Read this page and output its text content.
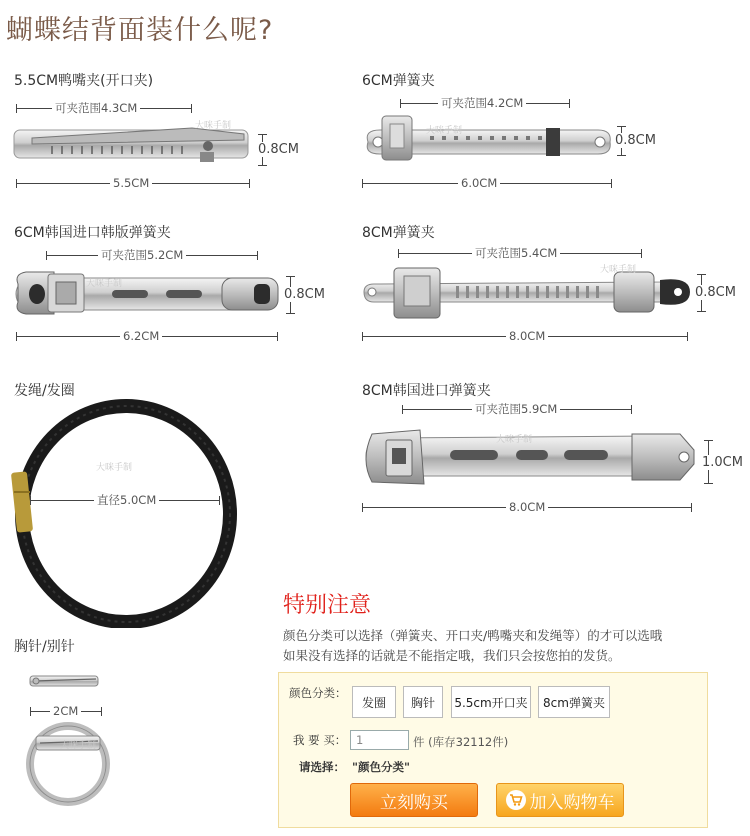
蝴蝶结背面装什么呢?
5.5CM鸭嘴夹(开口夹)
可夹范围4.3CM
大咪手制
0.8CM
5.5CM
6CM弹簧夹
可夹范围4.2CM
大咪手制
0.8CM
6.0CM
6CM韩国进口韩版弹簧夹
可夹范围5.2CM
大咪手制
0.8CM
6.2CM
8CM弹簧夹
可夹范围5.4CM
0.8CM
8.0CM
大咪手制
发绳/发圈
直径5.0CM
大咪手制
8CM韩国进口弹簧夹
可夹范围5.9CM
大咪手制
1.0CM
8.0CM
胸针/别针
2CM
大咪手制
特别注意
颜色分类可以选择（弹簧夹、开口夹/鸭嘴夹和发绳等）的才可以选哦
如果没有选择的话就是不能指定哦，我们只会按您拍的发货。
颜色分类：
发圈	胸针	5.5cm开口夹	8cm弹簧夹
我 要 买： 1	件 (库存32112件)
请选择： "颜色分类"
立刻购买	加入购物车
